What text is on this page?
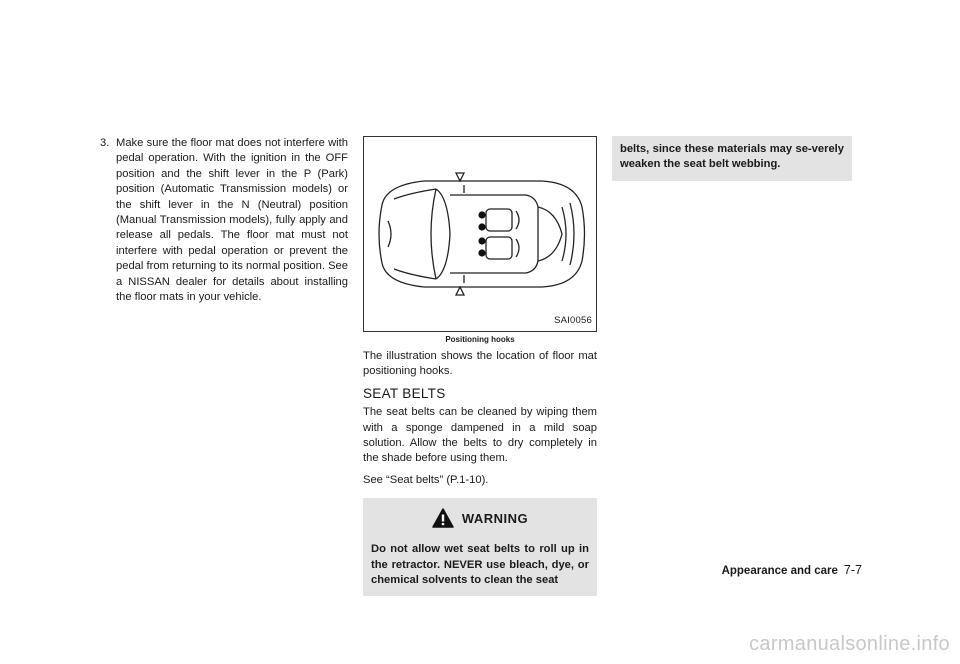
3. Make sure the floor mat does not interfere with pedal operation. With the ignition in the OFF position and the shift lever in the P (Park) position (Automatic Transmission models) or the shift lever in the N (Neutral) position (Manual Transmission models), fully apply and release all pedals. The floor mat must not interfere with pedal operation or prevent the pedal from returning to its normal position. See a NISSAN dealer for details about installing the floor mats in your vehicle.
SAI0056
Positioning hooks

The illustration shows the location of floor mat positioning hooks.

SEAT BELTS

The seat belts can be cleaned by wiping them with a sponge dampened in a mild soap solution. Allow the belts to dry completely in the shade before using them.

See “Seat belts” (P.1-10).

WARNING
Do not allow wet seat belts to roll up in the retractor. NEVER use bleach, dye, or chemical solvents to clean the seat
belts, since these materials may se-verely weaken the seat belt webbing.
Appearance and care 7-7
carmanualsonline.info
